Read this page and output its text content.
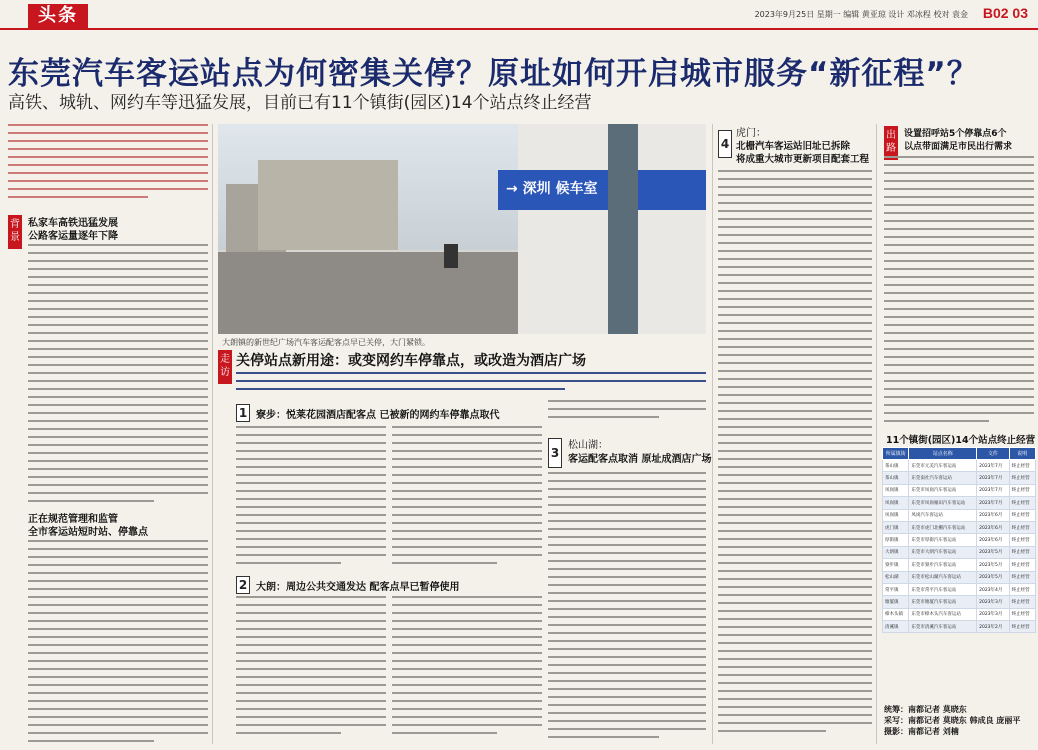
头条	2023年9月25日 星期一 编辑 黄亚琼 设计 邓冰程 校对 袁金 B02 03
东莞汽车客运站点为何密集关停？原址如何开启城市服务“新征程”？
高铁、城轨、网约车等迅猛发展，目前已有11个镇街(园区)14个站点终止经营
背景
私家车高铁迅猛发展
公路客运量逐年下降
正在规范管理和监管
全市客运站短时站、停靠点
→ 深圳 候车室
大朗镇的新世纪广场汽车客运配客点早已关停，大门紧锁。
走访
关停站点新用途：或变网约车停靠点，或改造为酒店广场
1 寮步：悦莱花园酒店配客点 已被新的网约车停靠点取代
2 大朗：周边公共交通发达 配客点早已暂停使用
3
松山湖：
客运配客点取消 原址成酒店广场
4
虎门：
北栅汽车客运站旧址已拆除
将成重大城市更新项目配套工程
出路
设置招呼站5个停靠点6个
以点带面满足市民出行需求
11个镇街(园区)14个站点终止经营
所属镇街	站点名称	文件	说明
茶山镇	东莞市元美汽车客运站	2023年7月	终止经营
茶山镇	东莞南社汽车客运站	2023年7月	终止经营
凤岗镇	东莞市凤岗汽车客运站	2023年7月	终止经营
凤岗镇	东莞市凤岗雁田汽车客运站	2023年7月	终止经营
凤岗镇	凤岗汽车客运站	2023年6月	终止经营
虎门镇	东莞市虎门北栅汽车客运站	2023年6月	终止经营
厚街镇	东莞市厚街汽车客运站	2023年6月	终止经营
大朗镇	东莞市大朗汽车客运站	2023年5月	终止经营
寮步镇	东莞市寮步汽车客运站	2023年5月	终止经营
松山湖	东莞市松山湖汽车客运站	2023年5月	终止经营
常平镇	东莞市常平汽车客运站	2023年4月	终止经营
塘厦镇	东莞市塘厦汽车客运站	2023年3月	终止经营
樟木头镇	东莞市樟木头汽车客运站	2023年3月	终止经营
清溪镇	东莞市清溪汽车客运站	2023年2月	终止经营
统筹：南都记者 莫晓东
采写：南都记者 莫晓东 韩成良 庞丽平
摄影：南都记者 刘楠
